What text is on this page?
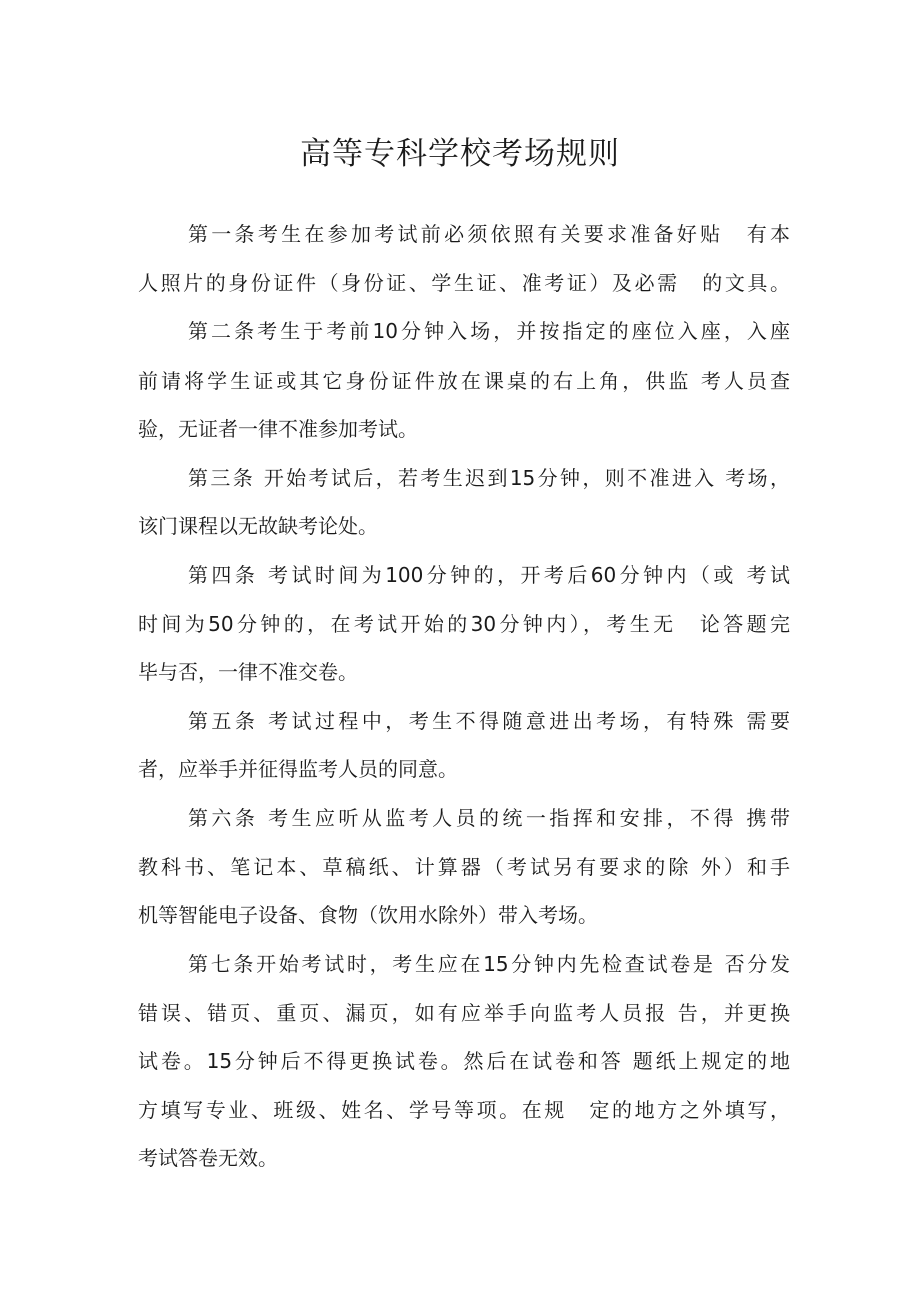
高等专科学校考场规则
第一条考生在参加考试前必须依照有关要求准备好贴　有本
人照片的身份证件（身份证、学生证、准考证）及必需　的文具。
第二条考生于考前10分钟入场，并按指定的座位入座，入座
前请将学生证或其它身份证件放在课桌的右上角，供监 考人员查
验，无证者一律不准参加考试。
第三条 开始考试后，若考生迟到15分钟，则不准进入 考场，
该门课程以无故缺考论处。
第四条 考试时间为100分钟的，开考后60分钟内（或 考试
时间为50分钟的，在考试开始的30分钟内），考生无　论答题完
毕与否，一律不准交卷。
第五条 考试过程中，考生不得随意进出考场，有特殊 需要
者，应举手并征得监考人员的同意。
第六条 考生应听从监考人员的统一指挥和安排，不得 携带
教科书、笔记本、草稿纸、计算器（考试另有要求的除 外）和手
机等智能电子设备、食物（饮用水除外）带入考场。
第七条开始考试时，考生应在15分钟内先检查试卷是 否分发
错误、错页、重页、漏页，如有应举手向监考人员报 告，并更换
试卷。15分钟后不得更换试卷。然后在试卷和答 题纸上规定的地
方填写专业、班级、姓名、学号等项。在规　定的地方之外填写，
考试答卷无效。
